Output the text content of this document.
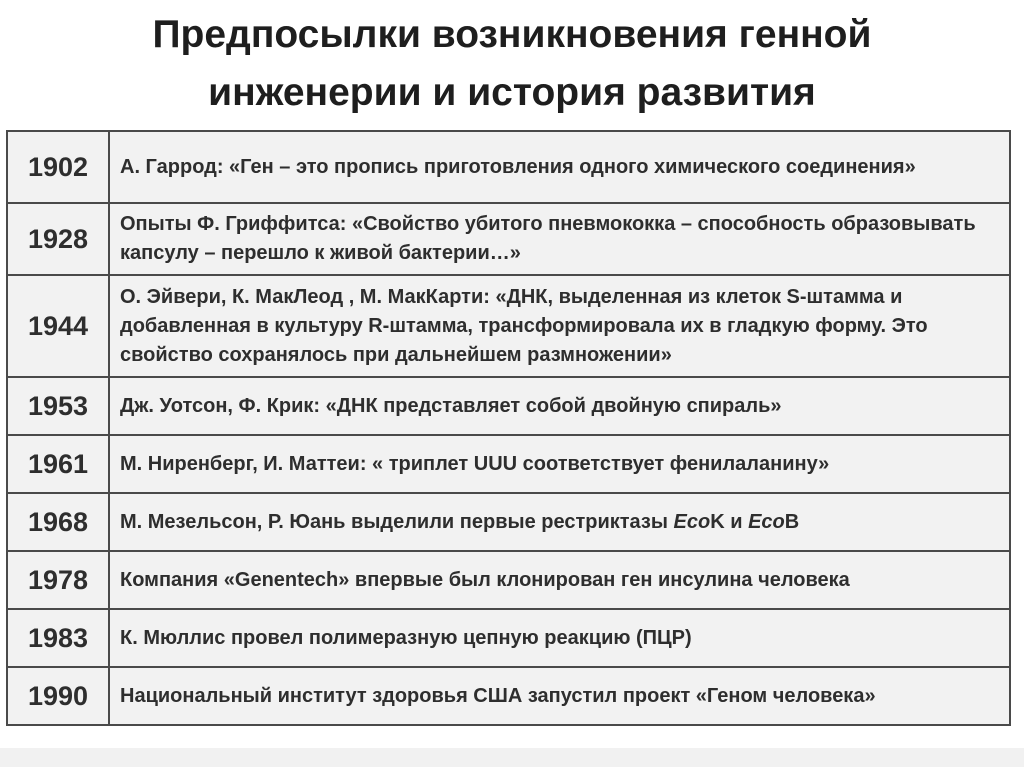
Предпосылки возникновения генной
инженерии и история развития
1902	А. Гаррод: «Ген – это пропись приготовления одного химического соединения»
1928	Опыты Ф. Гриффитса: «Свойство убитого пневмококка – способность образовывать капсулу – перешло к живой бактерии…»
1944	О. Эйвери, К. МакЛеод , М. МакКарти: «ДНК, выделенная из клеток S-штамма и добавленная в культуру R-штамма, трансформировала их в гладкую форму. Это свойство сохранялось при дальнейшем размножении»
1953	Дж. Уотсон, Ф. Крик: «ДНК представляет собой двойную спираль»
1961	М. Ниренберг, И. Маттеи: « триплет UUU соответствует фенилаланину»
1968	М. Мезельсон, Р. Юань выделили первые рестриктазы EcoK и EcoB
1978	Компания «Genentech» впервые был клонирован ген инсулина человека
1983	К. Мюллис провел полимеразную цепную реакцию (ПЦР)
1990	Национальный институт здоровья США запустил проект «Геном человека»
